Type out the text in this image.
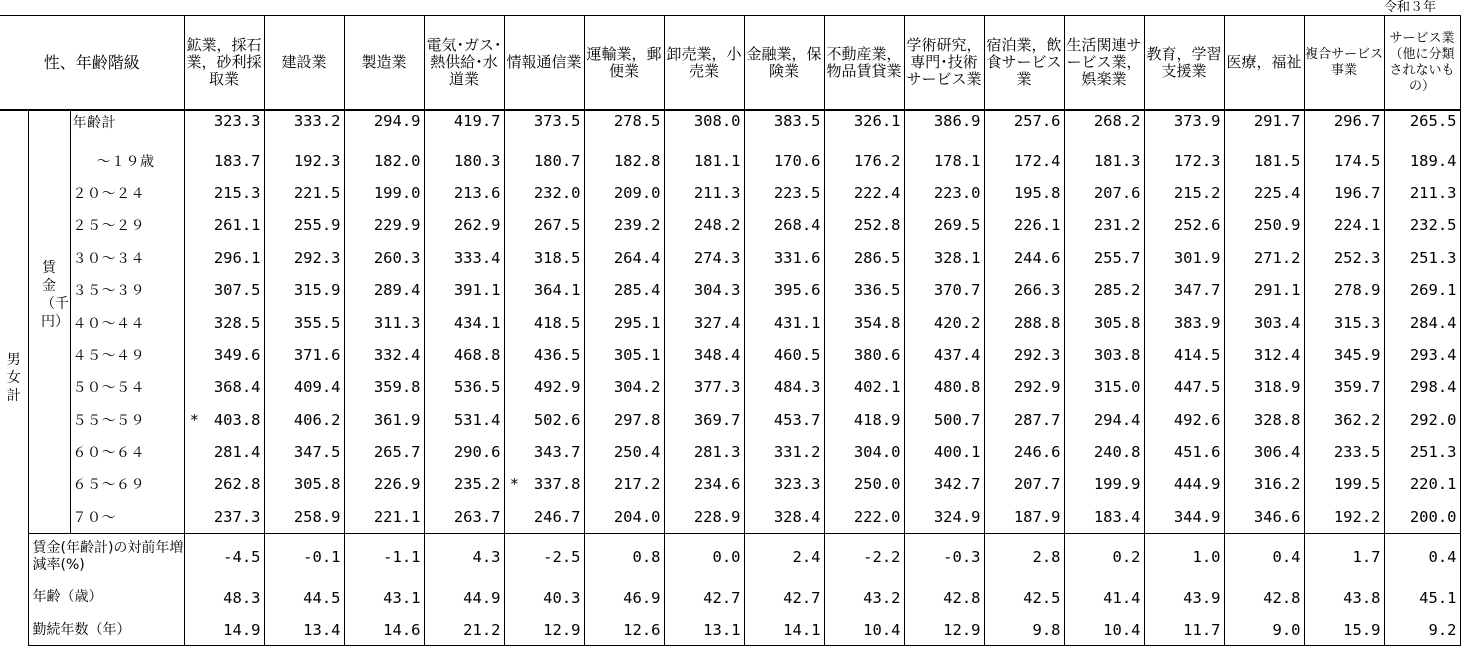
令和３年
性、年齢階級			鉱業，採石業，砂利採取業	建設業	製造業	電気･ガス･熱供給･水道業	情報通信業	運輸業，郵便業	卸売業，小売業	金融業，保険業	不動産業，物品賃貸業	学術研究，専門･技術サービス業	宿泊業，飲食サービス業	生活関連サービス業，娯楽業	教育，学習支援業	医療，福祉	複合サービス事業	サービス業（他に分類されないもの）
男女計	賃金（千円）	年齢計	323.3	333.2	294.9	419.7	373.5	278.5	308.0	383.5	326.1	386.9	257.6	268.2	373.9	291.7	296.7	265.5
		～１９歳	183.7	192.3	182.0	180.3	180.7	182.8	181.1	170.6	176.2	178.1	172.4	181.3	172.3	181.5	174.5	189.4
		２０～２４	215.3	221.5	199.0	213.6	232.0	209.0	211.3	223.5	222.4	223.0	195.8	207.6	215.2	225.4	196.7	211.3
		２５～２９	261.1	255.9	229.9	262.9	267.5	239.2	248.2	268.4	252.8	269.5	226.1	231.2	252.6	250.9	224.1	232.5
		３０～３４	296.1	292.3	260.3	333.4	318.5	264.4	274.3	331.6	286.5	328.1	244.6	255.7	301.9	271.2	252.3	251.3
		３５～３９	307.5	315.9	289.4	391.1	364.1	285.4	304.3	395.6	336.5	370.7	266.3	285.2	347.7	291.1	278.9	269.1
		４０～４４	328.5	355.5	311.3	434.1	418.5	295.1	327.4	431.1	354.8	420.2	288.8	305.8	383.9	303.4	315.3	284.4
		４５～４９	349.6	371.6	332.4	468.8	436.5	305.1	348.4	460.5	380.6	437.4	292.3	303.8	414.5	312.4	345.9	293.4
		５０～５４	368.4	409.4	359.8	536.5	492.9	304.2	377.3	484.3	402.1	480.8	292.9	315.0	447.5	318.9	359.7	298.4
		５５～５９	* 403.8	406.2	361.9	531.4	502.6	297.8	369.7	453.7	418.9	500.7	287.7	294.4	492.6	328.8	362.2	292.0
		６０～６４	281.4	347.5	265.7	290.6	343.7	250.4	281.3	331.2	304.0	400.1	246.6	240.8	451.6	306.4	233.5	251.3
		６５～６９	262.8	305.8	226.9	235.2	* 337.8	217.2	234.6	323.3	250.0	342.7	207.7	199.9	444.9	316.2	199.5	220.1
		７０～	237.3	258.9	221.1	263.7	246.7	204.0	228.9	328.4	222.0	324.9	187.9	183.4	344.9	346.6	192.2	200.0
	賃金(年齢計)の対前年増減率(%)		-4.5	-0.1	-1.1	4.3	-2.5	0.8	0.0	2.4	-2.2	-0.3	2.8	0.2	1.0	0.4	1.7	0.4
	年齢（歳）		48.3	44.5	43.1	44.9	40.3	46.9	42.7	42.7	43.2	42.8	42.5	41.4	43.9	42.8	43.8	45.1
	勤続年数（年）		14.9	13.4	14.6	21.2	12.9	12.6	13.1	14.1	10.4	12.9	9.8	10.4	11.7	9.0	15.9	9.2
